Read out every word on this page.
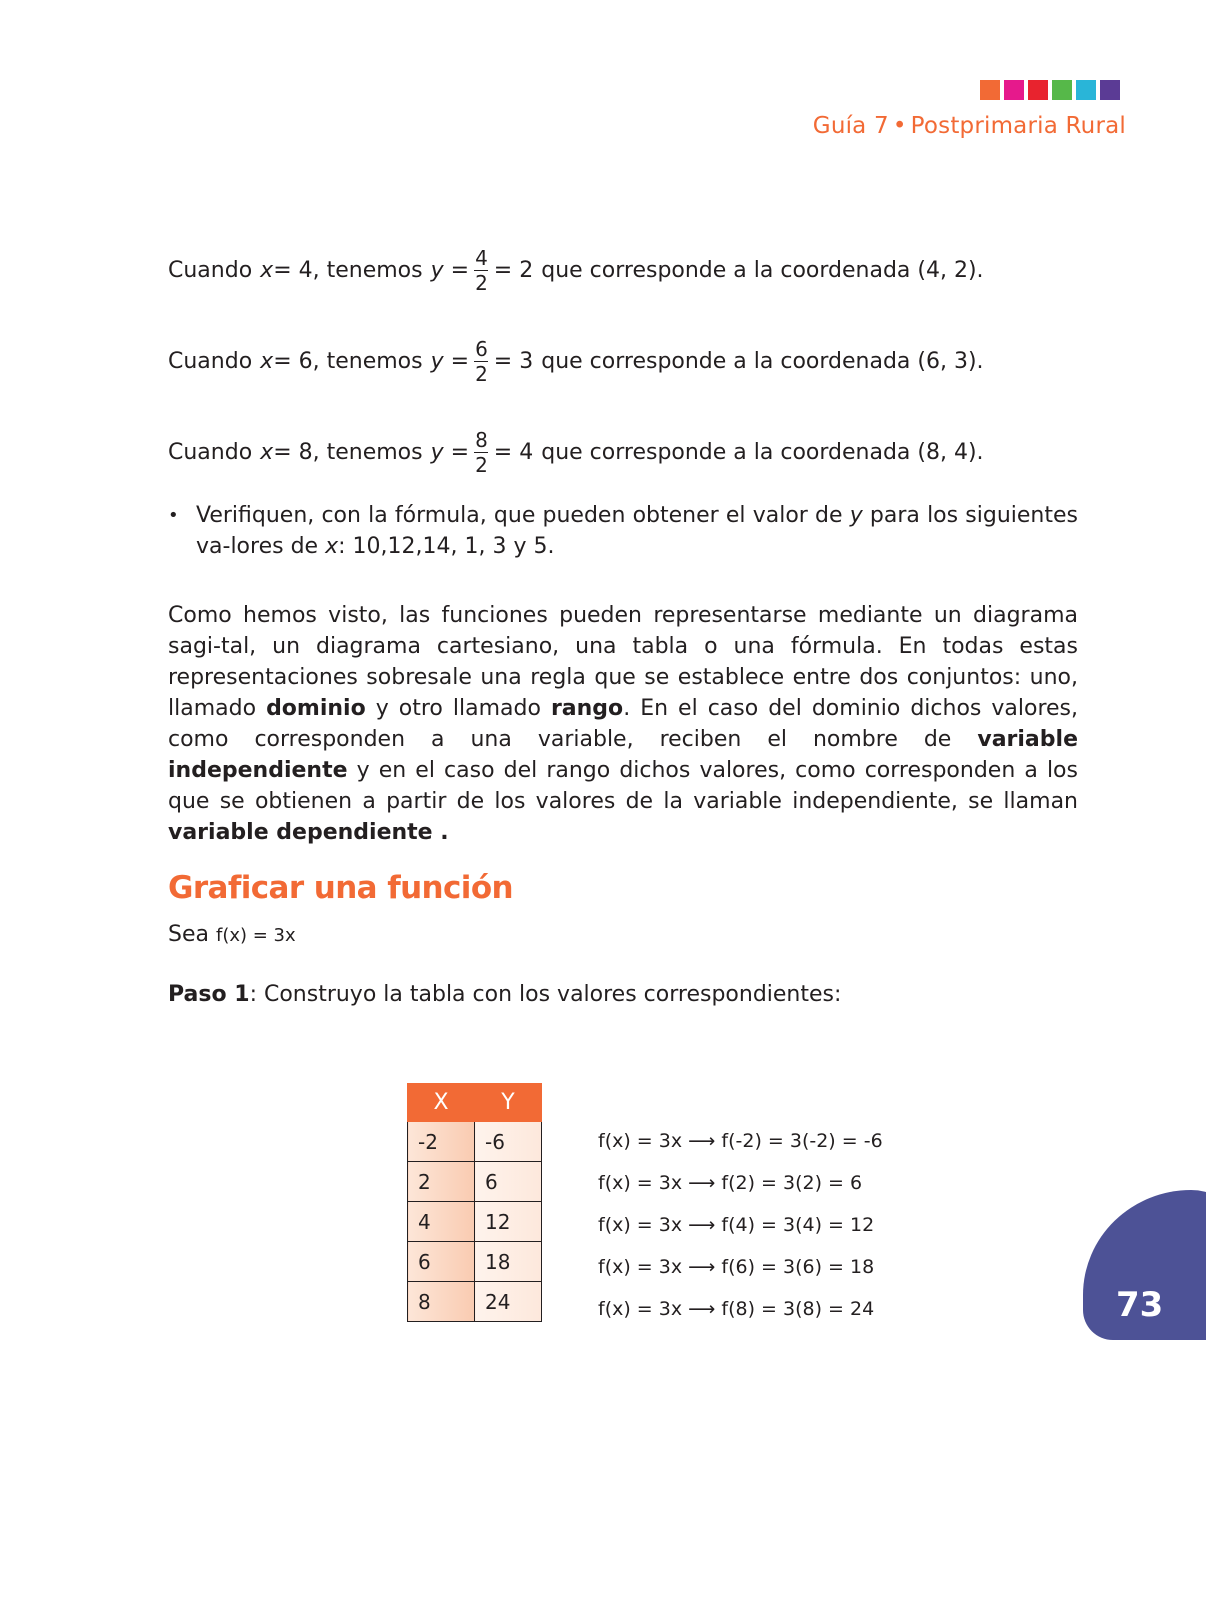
Guía 7 • Postprimaria Rural
Cuando x = 4, tenemos $y = \frac{4}{2} = 2$ que corresponde a la coordenada (4, 2).
Cuando x = 6, tenemos $y = \frac{6}{2} = 3$ que corresponde a la coordenada (6, 3).
Cuando x = 8, tenemos $y = \frac{8}{2} = 4$ que corresponde a la coordenada (8, 4).
• Verifiquen, con la fórmula, que pueden obtener el valor de y para los siguientes va-lores de x: 10,12,14, 1, 3 y 5.

Como hemos visto, las funciones pueden representarse mediante un diagrama sagi-tal, un diagrama cartesiano, una tabla o una fórmula. En todas estas representaciones sobresale una regla que se establece entre dos conjuntos: uno, llamado dominio y otro llamado rango. En el caso del dominio dichos valores, como corresponden a una variable, reciben el nombre de variable independiente y en el caso del rango dichos valores, como corresponden a los que se obtienen a partir de los valores de la variable independiente, se llaman variable dependiente .

Graficar una función
Sea f(x) = 3x
Paso 1: Construyo la tabla con los valores correspondientes:
X	Y
-2	-6
2	6
4	12
6	18
8	24
f(x) = 3x ⟶ f(-2) = 3(-2) = -6
f(x) = 3x ⟶ f(2) = 3(2) = 6
f(x) = 3x ⟶ f(4) = 3(4) = 12
f(x) = 3x ⟶ f(6) = 3(6) = 18
f(x) = 3x ⟶ f(8) = 3(8) = 24	73
